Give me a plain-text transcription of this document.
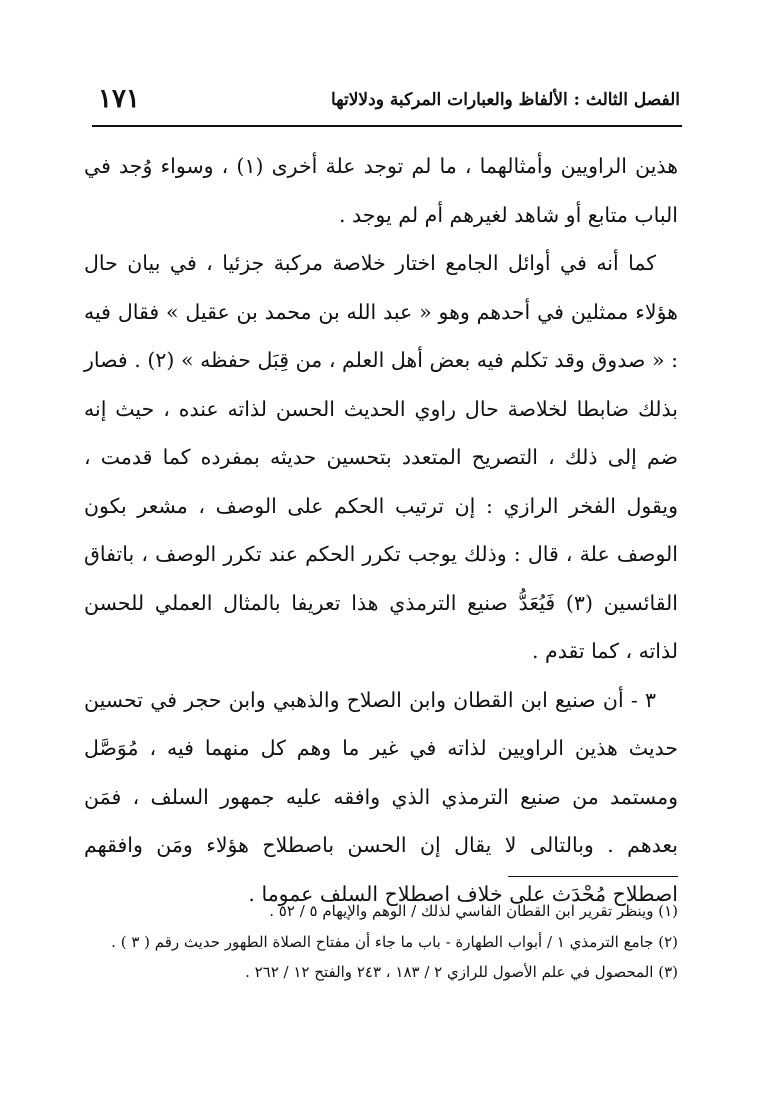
الفصل الثالث : الألفاظ والعبارات المركبة ودلالاتها
١٧١

هذين الراويين وأمثالهما ، ما لم توجد علة أخرى (١) ، وسواء وُجد في الباب متابع أو شاهد لغيرهم أم لم يوجد .

كما أنه في أوائل الجامع اختار خلاصة مركبة جزئيا ، في بيان حال هؤلاء ممثلين في أحدهم وهو « عبد الله بن محمد بن عقيل » فقال فيه : « صدوق وقد تكلم فيه بعض أهل العلم ، من قِبَل حفظه » (٢) . فصار بذلك ضابطا لخلاصة حال راوي الحديث الحسن لذاته عنده ، حيث إنه ضم إلى ذلك ، التصريح المتعدد بتحسين حديثه بمفرده كما قدمت ، ويقول الفخر الرازي : إن ترتيب الحكم على الوصف ، مشعر بكون الوصف علة ، قال : وذلك يوجب تكرر الحكم عند تكرر الوصف ، باتفاق القائسين (٣) فَيُعَدُّ صنيع الترمذي هذا تعريفا بالمثال العملي للحسن لذاته ، كما تقدم .

٣ - أن صنيع ابن القطان وابن الصلاح والذهبي وابن حجر في تحسين حديث هذين الراويين لذاته في غير ما وهم كل منهما فيه ، مُوَصَّل ومستمد من صنيع الترمذي الذي وافقه عليه جمهور السلف ، فمَن بعدهم . وبالتالى لا يقال إن الحسن باصطلاح هؤلاء ومَن وافقهم اصطلاح مُحْدَث على خلاف اصطلاح السلف عموما .

(١) وينظر تقرير ابن القطان الفاسي لذلك / الوهم والإيهام ٥ / ٥٢ .

(٢) جامع الترمذي ١ / أبواب الطهارة - باب ما جاء أن مفتاح الصلاة الطهور حديث رقم ( ٣ ) .

(٣) المحصول في علم الأصول للرازي ٢ / ١٨٣ ، ٢٤٣ والفتح ١٢ / ٢٦٢ .
